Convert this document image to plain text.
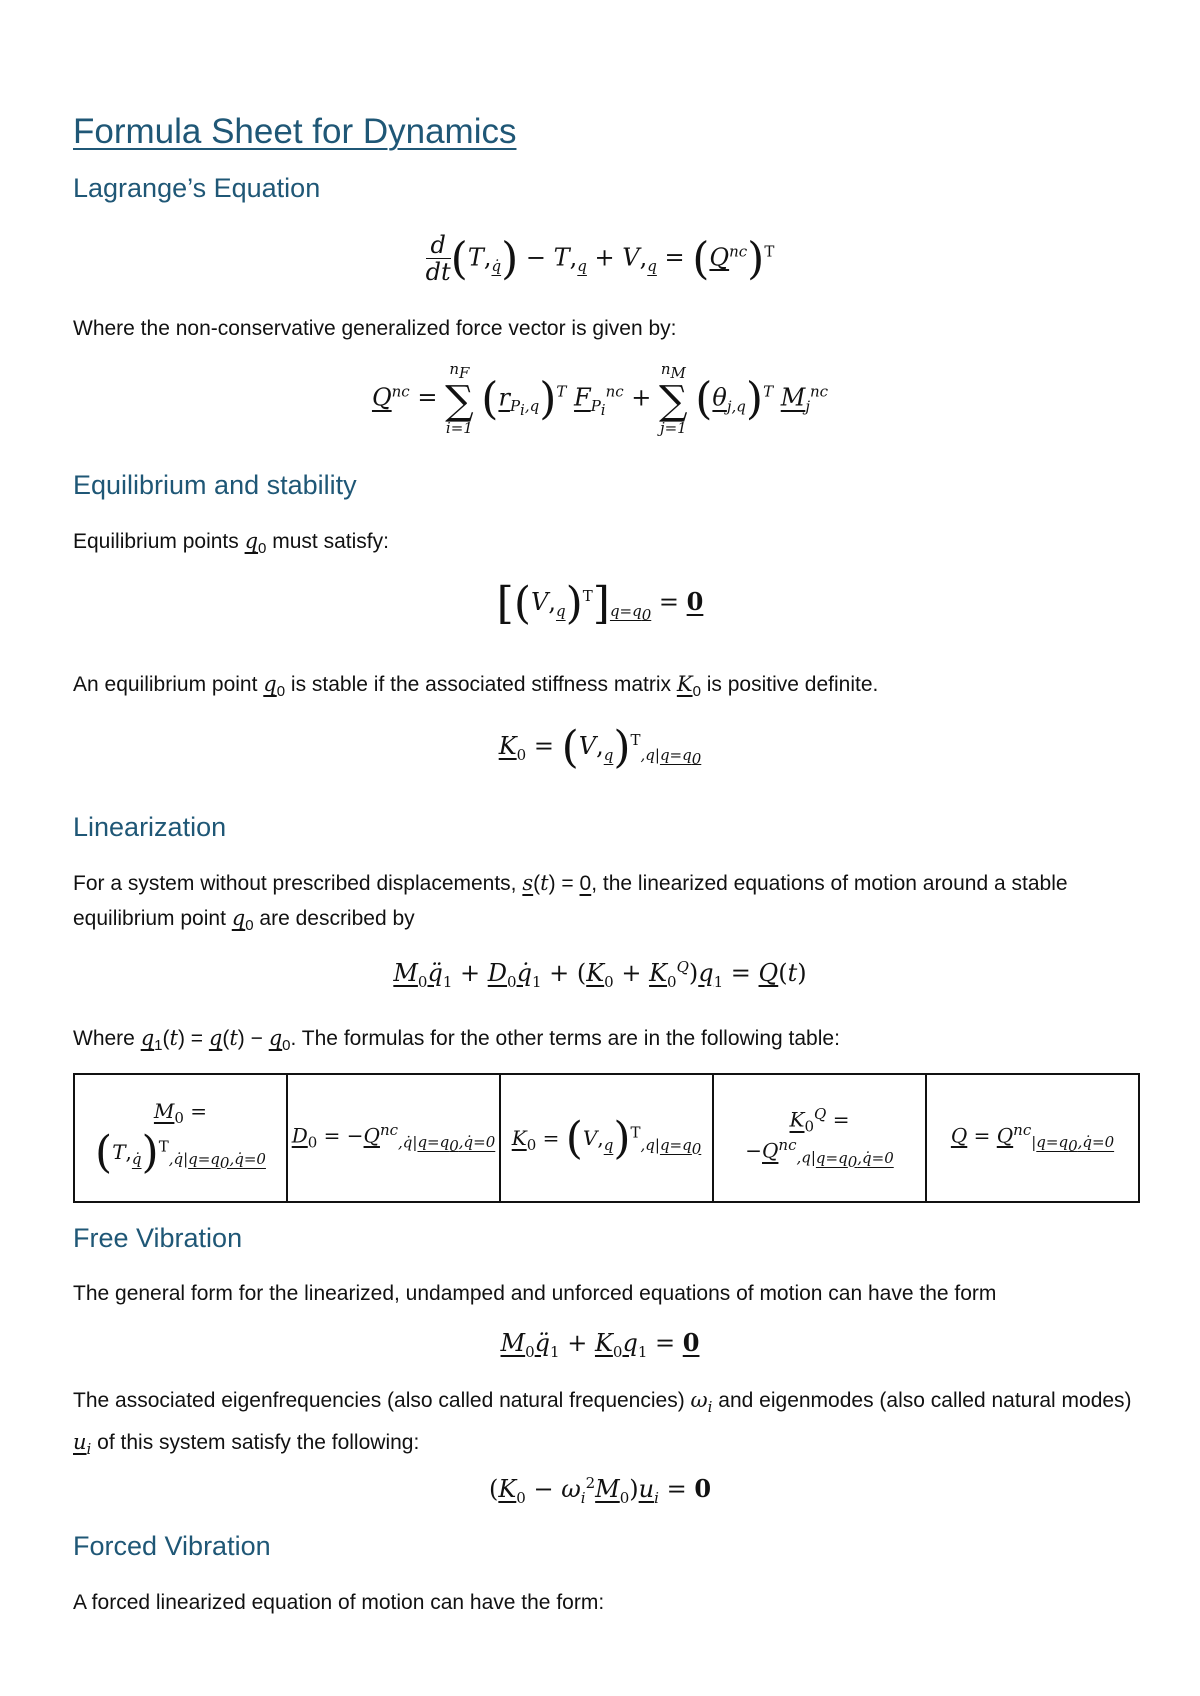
Formula Sheet for Dynamics
Lagrange’s Equation
$\frac{d}{dt} (T,_{q̇}) - T,_q + V,_q = (Q^{nc})^T$

Where the non-conservative generalized force vector is given by:

$Q^{nc}$ =
$n_F$
∑
i=1
$(r_{P_i,q})^T$ $F_{P_i}^{nc}$ +
$n_M$
∑
j=1
$(\theta_{j,q})^T$ $M_j^{nc}$
Equilibrium and stability

Equilibrium points $q_0$ must satisfy:

$[(V,_q)^T]_{q=q_0} = 0$

An equilibrium point $q_0$ is stable if the associated stiffness matrix $K_0$ is positive definite.

$K_0 = (V,_q)^T_{,q|q=q_0}$
Linearization

For a system without prescribed displacements, s(t) = 0, the linearized equations of motion around a stable equilibrium point $q_0$ are described by

$M_0q̈_1$ + $D_0q̇_1 + (K_0 + K_0^Q)q_1 = Q(t)$

Where $q_1(t) = q(t) - q_0$. The formulas for the other terms are in the following table:

$M_0 = (T,_{q̇})^T_{,q̇|q=q_0,q̇=0}$	$D_0 = -Q^{nc}_{,q̇|q=q_0,q̇=0}$	$K_0 = (V,_q)^T_{,q|q=q_0}$	$K_0^Q = -Q^{nc}_{,q|q=q_0,q̇=0}$	$Q = Q^{nc}_{|q=q_0,q̇=0}$
Free Vibration

The general form for the linearized, undamped and unforced equations of motion can have the form

$M_0q̈_1 + K_0q_1 = 0$

The associated eigenfrequencies (also called natural frequencies) $\omega_i$ and eigenmodes (also called natural modes) $u_i$ of this system satisfy the following:

$(K_0 - \omega_i^2M_0)u_i = 0$
Forced Vibration

A forced linearized equation of motion can have the form:
